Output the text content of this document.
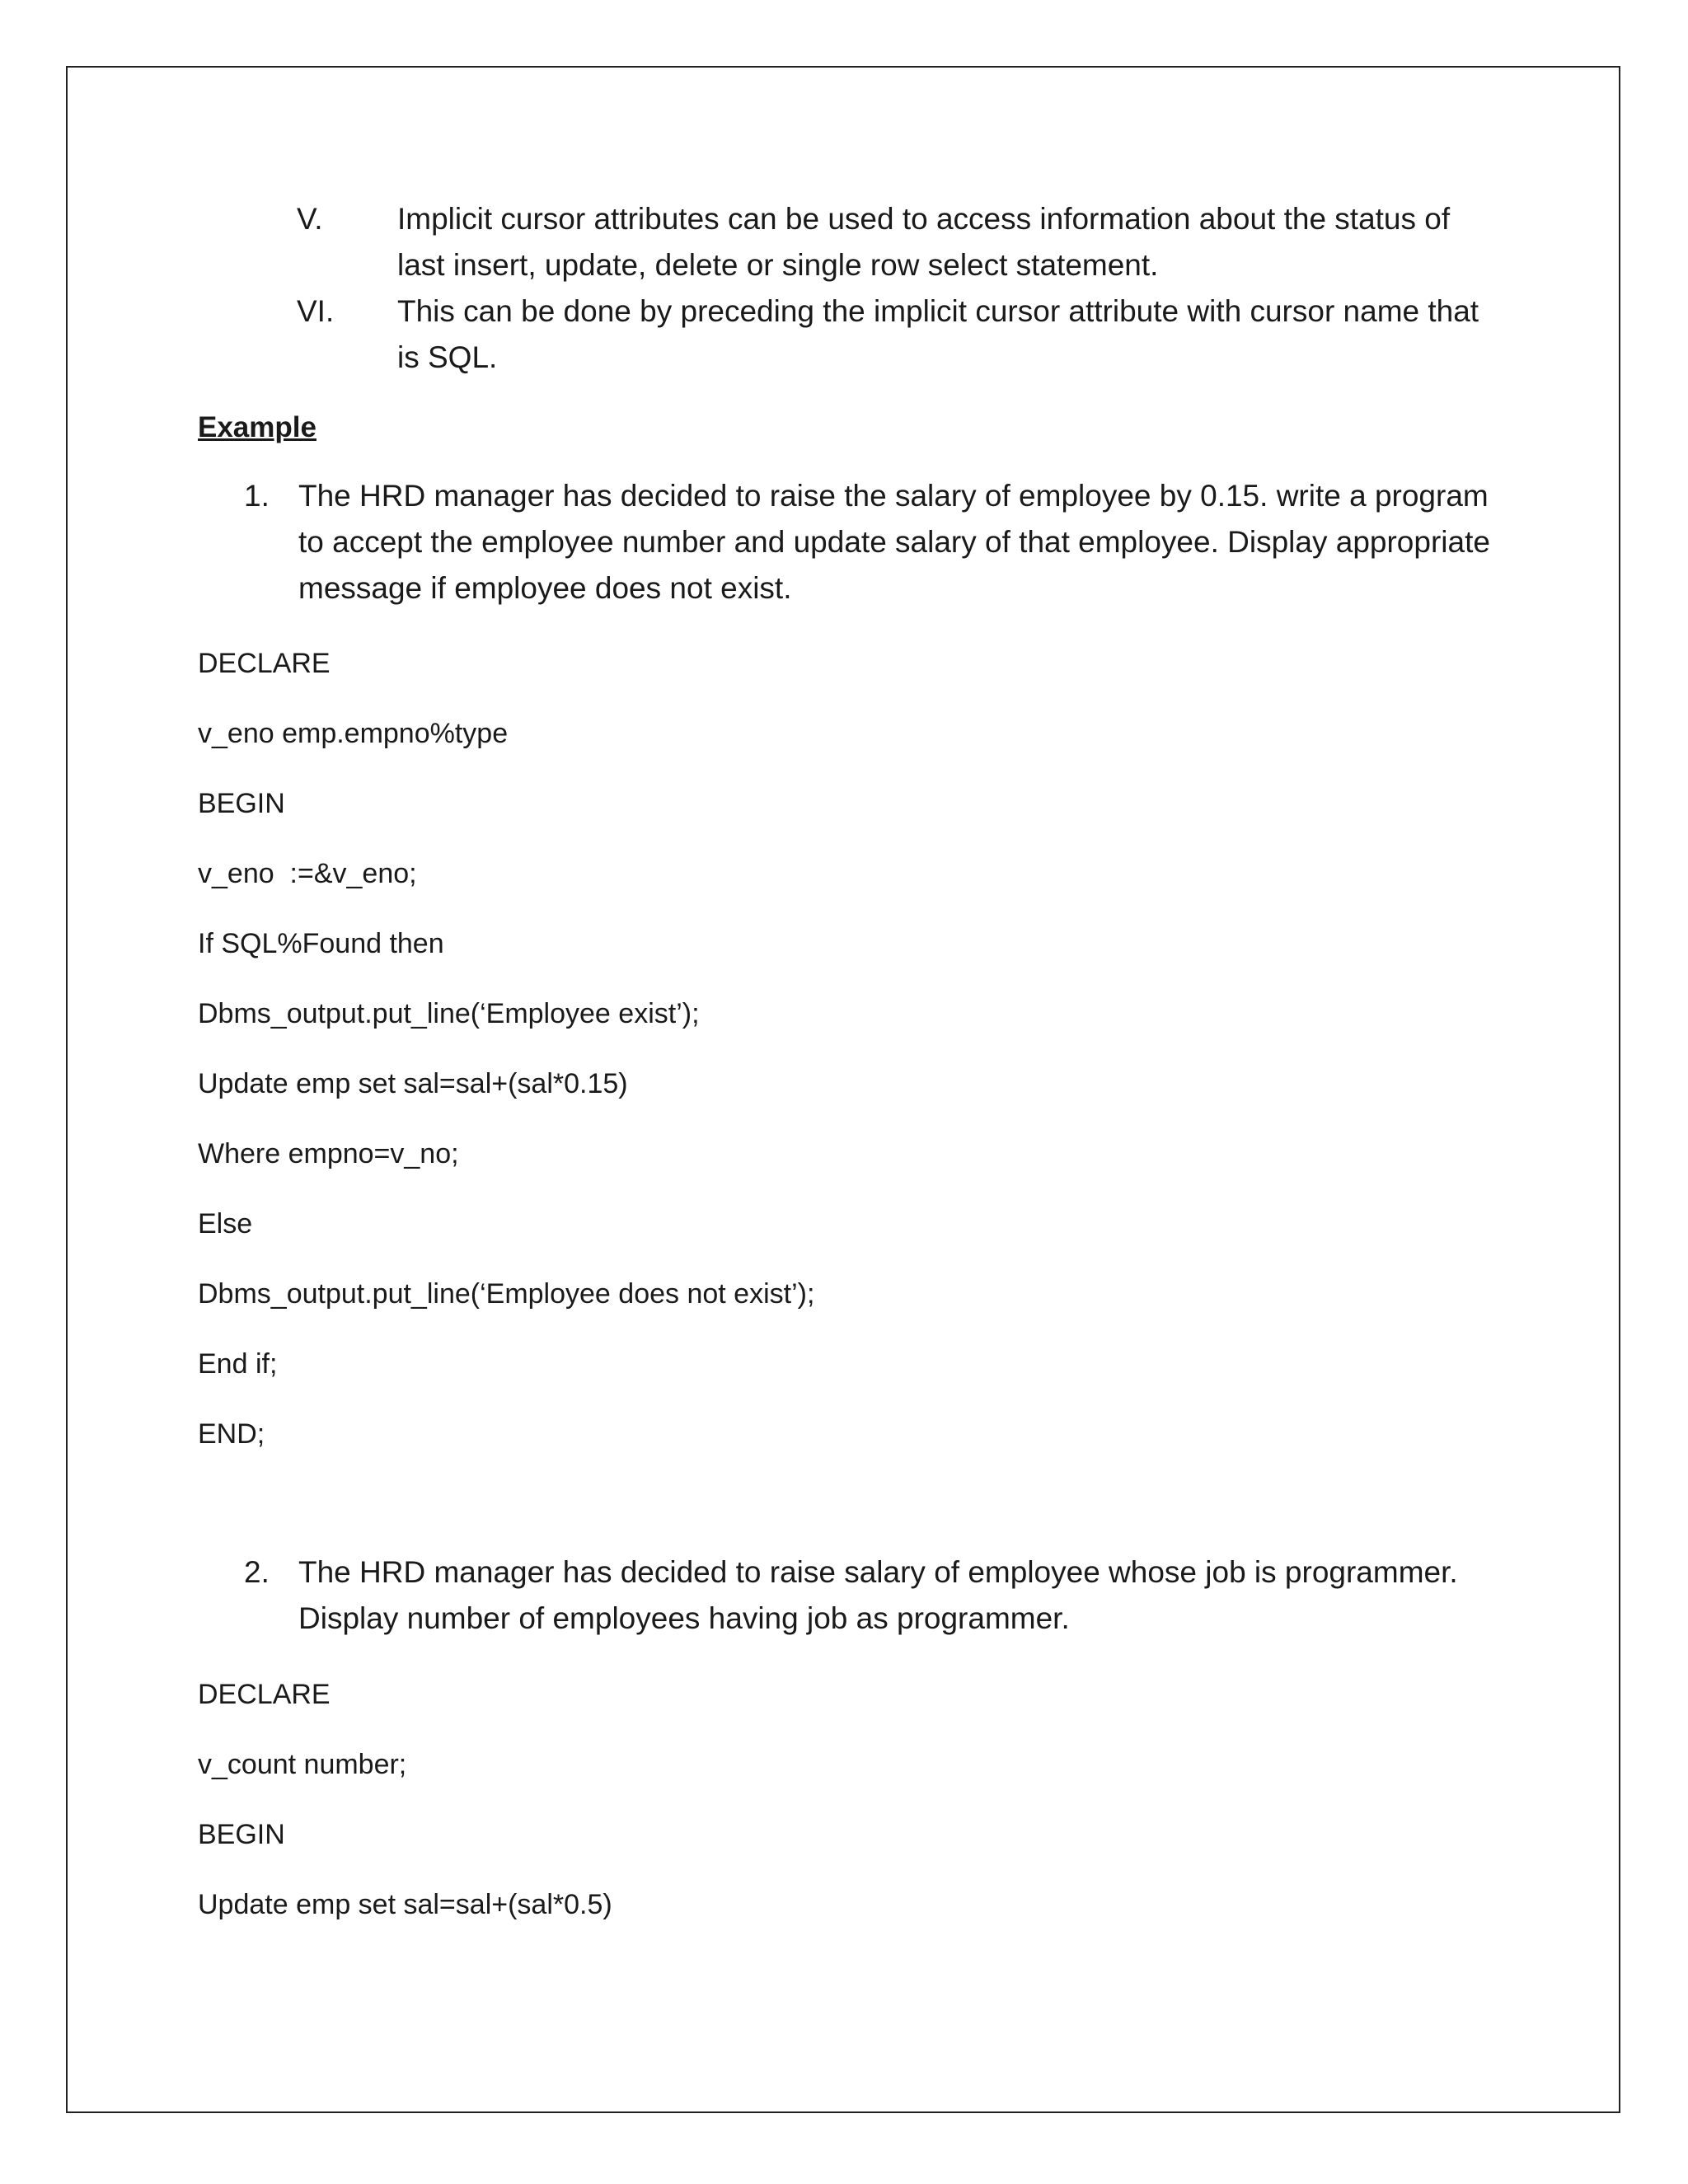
V.	Implicit cursor attributes can be used to access information about the status of last insert, update, delete or single row select statement.
VI.	This can be done by preceding the implicit cursor attribute with cursor name that is SQL.
Example
1. The HRD manager has decided to raise the salary of employee by 0.15. write a program to accept the employee number and update salary of that employee. Display appropriate message if employee does not exist.
DECLARE
v_eno emp.empno%type
BEGIN
v_eno  :=&v_eno;
If SQL%Found then
Dbms_output.put_line(‘Employee exist’);
Update emp set sal=sal+(sal*0.15)
Where empno=v_no;
Else
Dbms_output.put_line(‘Employee does not exist’);
End if;
END;
2. The HRD manager has decided to raise salary of employee whose job is programmer. Display number of employees having job as programmer.
DECLARE
v_count number;
BEGIN
Update emp set sal=sal+(sal*0.5)
